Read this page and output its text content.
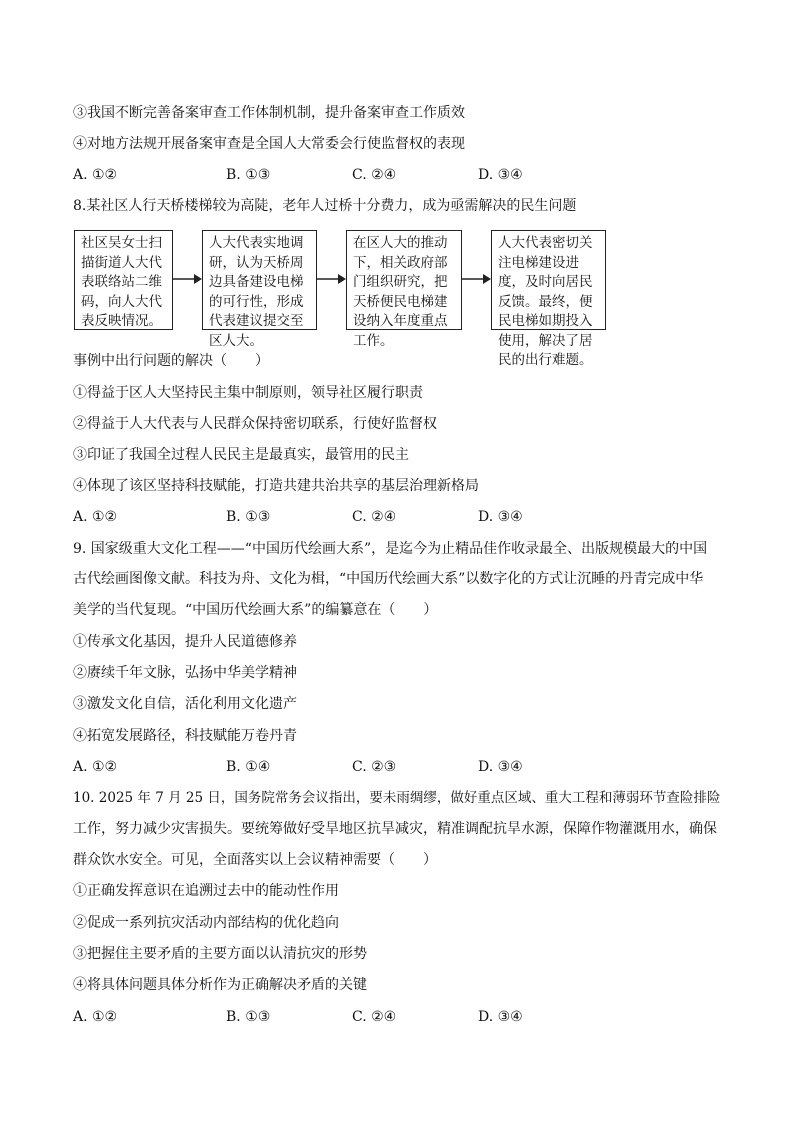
③我国不断完善备案审查工作体制机制，提升备案审查工作质效
④对地方法规开展备案审查是全国人大常委会行使监督权的表现
A. ①②	B. ①③	C. ②④	D. ③④
8.某社区人行天桥楼梯较为高陡，老年人过桥十分费力，成为亟需解决的民生问题
社区吴女士扫描街道人大代表联络站二维码，向人大代表反映情况。
人大代表实地调研，认为天桥周边具备建设电梯的可行性，形成代表建议提交至区人大。
在区人大的推动下，相关政府部门组织研究，把天桥便民电梯建设纳入年度重点工作。
人大代表密切关注电梯建设进度，及时向居民反馈。最终，便民电梯如期投入使用，解决了居民的出行难题。
事例中出行问题的解决（　　）
①得益于区人大坚持民主集中制原则，领导社区履行职责
②得益于人大代表与人民群众保持密切联系，行使好监督权
③印证了我国全过程人民民主是最真实，最管用的民主
④体现了该区坚持科技赋能，打造共建共治共享的基层治理新格局
A. ①②	B. ①③	C. ②④	D. ③④
9. 国家级重大文化工程——“中国历代绘画大系”，是迄今为止精品佳作收录最全、出版规模最大的中国
古代绘画图像文献。科技为舟、文化为楫，“中国历代绘画大系”以数字化的方式让沉睡的丹青完成中华
美学的当代复现。“中国历代绘画大系”的编纂意在（　　）
①传承文化基因，提升人民道德修养
②赓续千年文脉，弘扬中华美学精神
③激发文化自信，活化利用文化遗产
④拓宽发展路径，科技赋能万卷丹青
A. ①②	B. ①④	C. ②③	D. ③④
10. 2025 年 7 月 25 日，国务院常务会议指出，要未雨绸缪，做好重点区域、重大工程和薄弱环节查险排险
工作，努力减少灾害损失。要统筹做好受旱地区抗旱减灾，精准调配抗旱水源，保障作物灌溉用水，确保
群众饮水安全。可见，全面落实以上会议精神需要（　　）
①正确发挥意识在追溯过去中的能动性作用
②促成一系列抗灾活动内部结构的优化趋向
③把握住主要矛盾的主要方面以认清抗灾的形势
④将具体问题具体分析作为正确解决矛盾的关键
A. ①②	B. ①③	C. ②④	D. ③④
